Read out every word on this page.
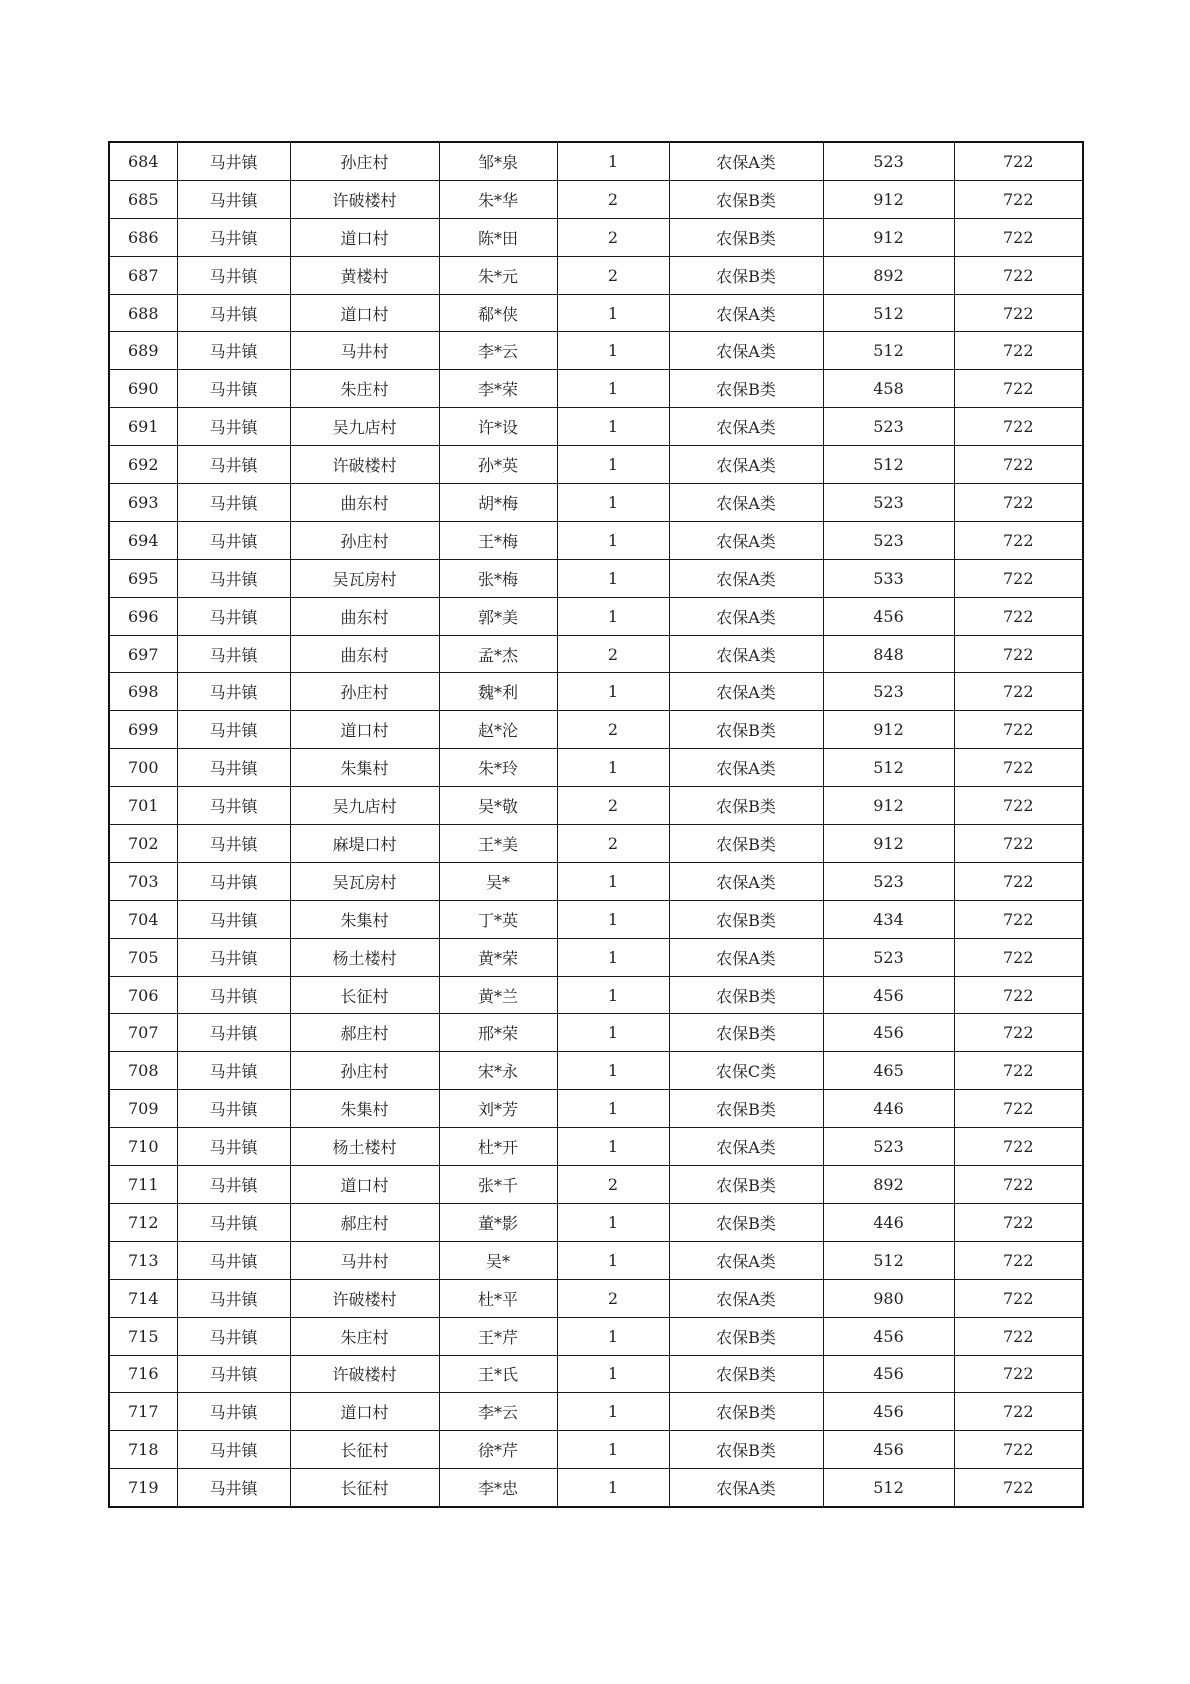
684	马井镇	孙庄村	邹*泉	1	农保A类	523	722
685	马井镇	许破楼村	朱*华	2	农保B类	912	722
686	马井镇	道口村	陈*田	2	农保B类	912	722
687	马井镇	黄楼村	朱*元	2	农保B类	892	722
688	马井镇	道口村	郗*侠	1	农保A类	512	722
689	马井镇	马井村	李*云	1	农保A类	512	722
690	马井镇	朱庄村	李*荣	1	农保B类	458	722
691	马井镇	吴九店村	许*设	1	农保A类	523	722
692	马井镇	许破楼村	孙*英	1	农保A类	512	722
693	马井镇	曲东村	胡*梅	1	农保A类	523	722
694	马井镇	孙庄村	王*梅	1	农保A类	523	722
695	马井镇	吴瓦房村	张*梅	1	农保A类	533	722
696	马井镇	曲东村	郭*美	1	农保A类	456	722
697	马井镇	曲东村	孟*杰	2	农保A类	848	722
698	马井镇	孙庄村	魏*利	1	农保A类	523	722
699	马井镇	道口村	赵*沦	2	农保B类	912	722
700	马井镇	朱集村	朱*玲	1	农保A类	512	722
701	马井镇	吴九店村	吴*敬	2	农保B类	912	722
702	马井镇	麻堤口村	王*美	2	农保B类	912	722
703	马井镇	吴瓦房村	吴*	1	农保A类	523	722
704	马井镇	朱集村	丁*英	1	农保B类	434	722
705	马井镇	杨土楼村	黄*荣	1	农保A类	523	722
706	马井镇	长征村	黄*兰	1	农保B类	456	722
707	马井镇	郝庄村	邢*荣	1	农保B类	456	722
708	马井镇	孙庄村	宋*永	1	农保C类	465	722
709	马井镇	朱集村	刘*芳	1	农保B类	446	722
710	马井镇	杨土楼村	杜*开	1	农保A类	523	722
711	马井镇	道口村	张*千	2	农保B类	892	722
712	马井镇	郝庄村	董*影	1	农保B类	446	722
713	马井镇	马井村	吴*	1	农保A类	512	722
714	马井镇	许破楼村	杜*平	2	农保A类	980	722
715	马井镇	朱庄村	王*芹	1	农保B类	456	722
716	马井镇	许破楼村	王*氏	1	农保B类	456	722
717	马井镇	道口村	李*云	1	农保B类	456	722
718	马井镇	长征村	徐*芹	1	农保B类	456	722
719	马井镇	长征村	李*忠	1	农保A类	512	722
